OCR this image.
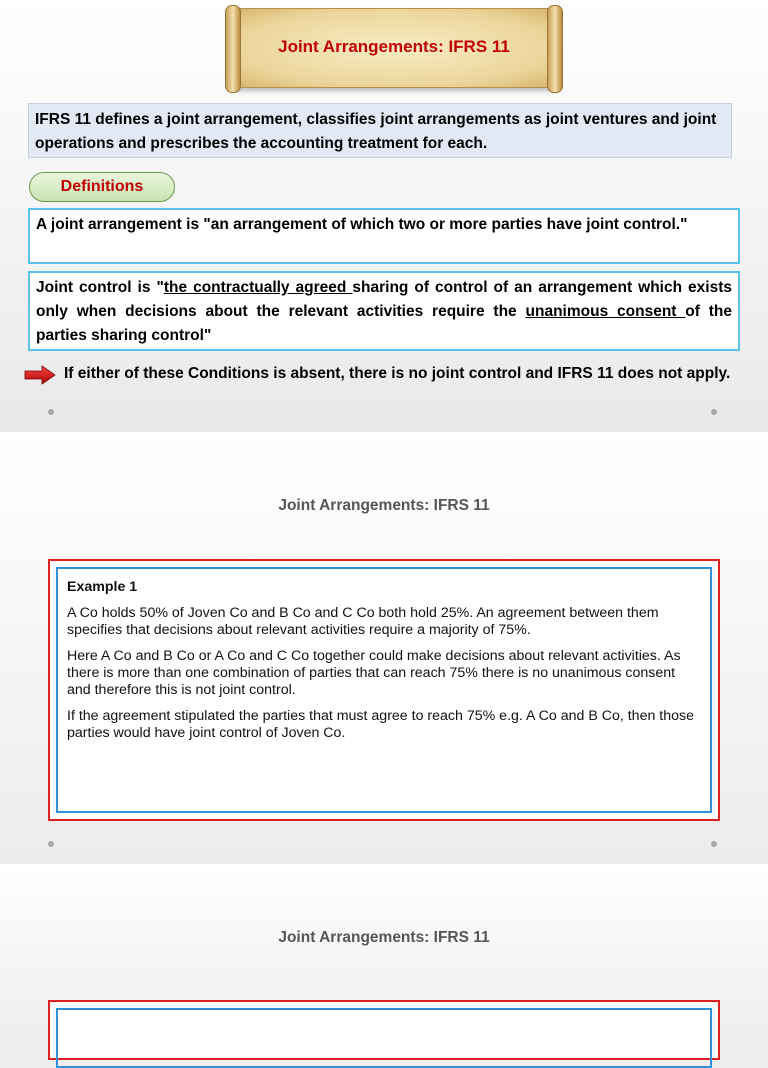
Joint Arrangements: IFRS 11
IFRS 11 defines a joint arrangement, classifies joint arrangements as joint ventures and joint operations and prescribes the accounting treatment for each.
Definitions
A joint arrangement is "an arrangement of which two or more parties have joint control."
Joint control is "the contractually agreed sharing of control of an arrangement which exists only when decisions about the relevant activities require the unanimous consent of the parties sharing control"
If either of these Conditions is absent, there is no joint control and IFRS 11 does not apply.
Joint Arrangements: IFRS 11
Example 1

A Co holds 50% of Joven Co and B Co and C Co both hold 25%. An agreement between them specifies that decisions about relevant activities require a majority of 75%.

Here A Co and B Co or A Co and C Co together could make decisions about relevant activities. As there is more than one combination of parties that can reach 75% there is no unanimous consent and therefore this is not joint control.

If the agreement stipulated the parties that must agree to reach 75% e.g. A Co and B Co, then those parties would have joint control of Joven Co.

Joint Arrangements: IFRS 11
